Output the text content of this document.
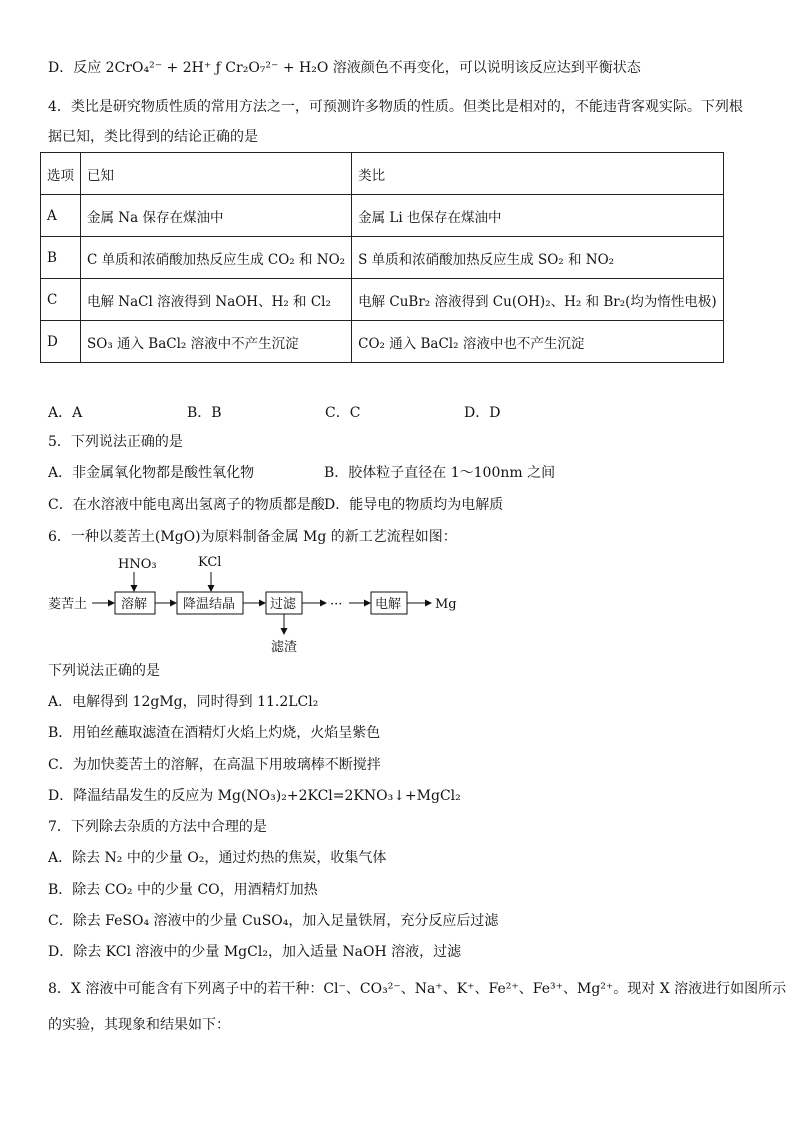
D．反应 2CrO₄²⁻ + 2H⁺ ƒ Cr₂O₇²⁻ + H₂O 溶液颜色不再变化，可以说明该反应达到平衡状态
4．类比是研究物质性质的常用方法之一，可预测许多物质的性质。但类比是相对的，不能违背客观实际。下列根
据已知，类比得到的结论正确的是
选项	已知	类比
A	金属 Na 保存在煤油中	金属 Li 也保存在煤油中
B	C 单质和浓硝酸加热反应生成 CO₂ 和 NO₂	S 单质和浓硝酸加热反应生成 SO₂ 和 NO₂
C	电解 NaCl 溶液得到 NaOH、H₂ 和 Cl₂	电解 CuBr₂ 溶液得到 Cu(OH)₂、H₂ 和 Br₂(均为惰性电极)
D	SO₃ 通入 BaCl₂ 溶液中不产生沉淀	CO₂ 通入 BaCl₂ 溶液中也不产生沉淀
A．A	B．B	C．C	D．D
5．下列说法正确的是
A．非金属氧化物都是酸性氧化物	B．胶体粒子直径在 1～100nm 之间
C．在水溶液中能电离出氢离子的物质都是酸 D．能导电的物质均为电解质
6．一种以菱苦土(MgO)为原料制备金属 Mg 的新工艺流程如图：
菱苦土
HNO₃
溶解
KCl
降温结晶	过滤
滤渣
···	电解	Mg
下列说法正确的是
A．电解得到 12gMg，同时得到 11.2LCl₂
B．用铂丝蘸取滤渣在酒精灯火焰上灼烧，火焰呈紫色
C．为加快菱苦土的溶解，在高温下用玻璃棒不断搅拌
D．降温结晶发生的反应为 Mg(NO₃)₂+2KCl=2KNO₃↓+MgCl₂
7．下列除去杂质的方法中合理的是
A．除去 N₂ 中的少量 O₂，通过灼热的焦炭，收集气体
B．除去 CO₂ 中的少量 CO，用酒精灯加热
C．除去 FeSO₄ 溶液中的少量 CuSO₄，加入足量铁屑，充分反应后过滤
D．除去 KCl 溶液中的少量 MgCl₂，加入适量 NaOH 溶液，过滤
8．X 溶液中可能含有下列离子中的若干种：Cl⁻、CO₃²⁻、Na⁺、K⁺、Fe²⁺、Fe³⁺、Mg²⁺。现对 X 溶液进行如图所示
的实验，其现象和结果如下：
